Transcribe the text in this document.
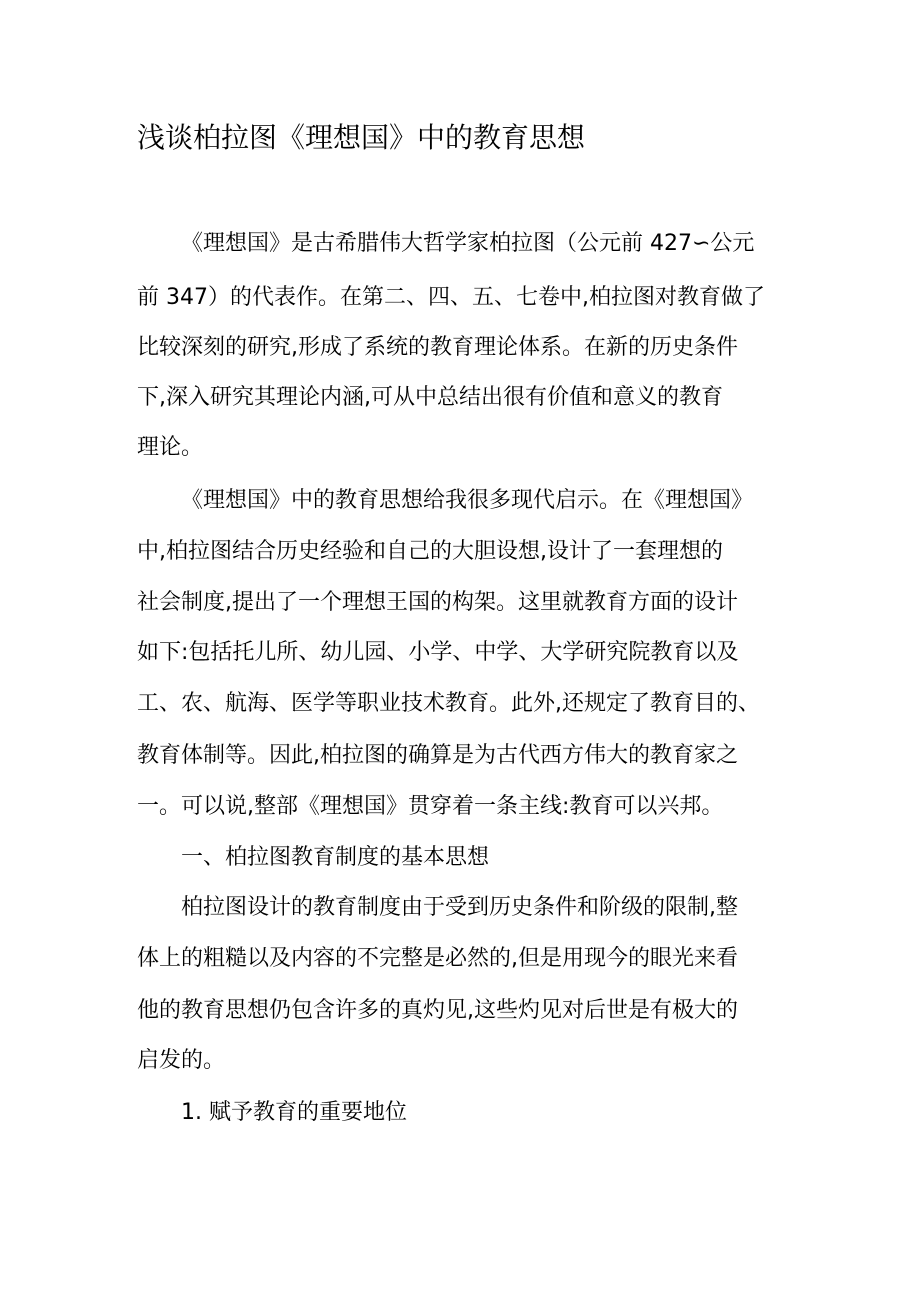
浅谈柏拉图《理想国》中的教育思想

《理想国》是古希腊伟大哲学家柏拉图（公元前 427∽公元

前 347）的代表作。在第二、四、五、七卷中,柏拉图对教育做了

比较深刻的研究,形成了系统的教育理论体系。在新的历史条件

下,深入研究其理论内涵,可从中总结出很有价值和意义的教育

理论。

《理想国》中的教育思想给我很多现代启示。在《理想国》

中,柏拉图结合历史经验和自己的大胆设想,设计了一套理想的

社会制度,提出了一个理想王国的构架。这里就教育方面的设计

如下:包括托儿所、幼儿园、小学、中学、大学研究院教育以及

工、农、航海、医学等职业技术教育。此外,还规定了教育目的、

教育体制等。因此,柏拉图的确算是为古代西方伟大的教育家之

一。可以说,整部《理想国》贯穿着一条主线:教育可以兴邦。

一、柏拉图教育制度的基本思想

柏拉图设计的教育制度由于受到历史条件和阶级的限制,整

体上的粗糙以及内容的不完整是必然的,但是用现今的眼光来看

他的教育思想仍包含许多的真灼见,这些灼见对后世是有极大的

启发的。

1. 赋予教育的重要地位
